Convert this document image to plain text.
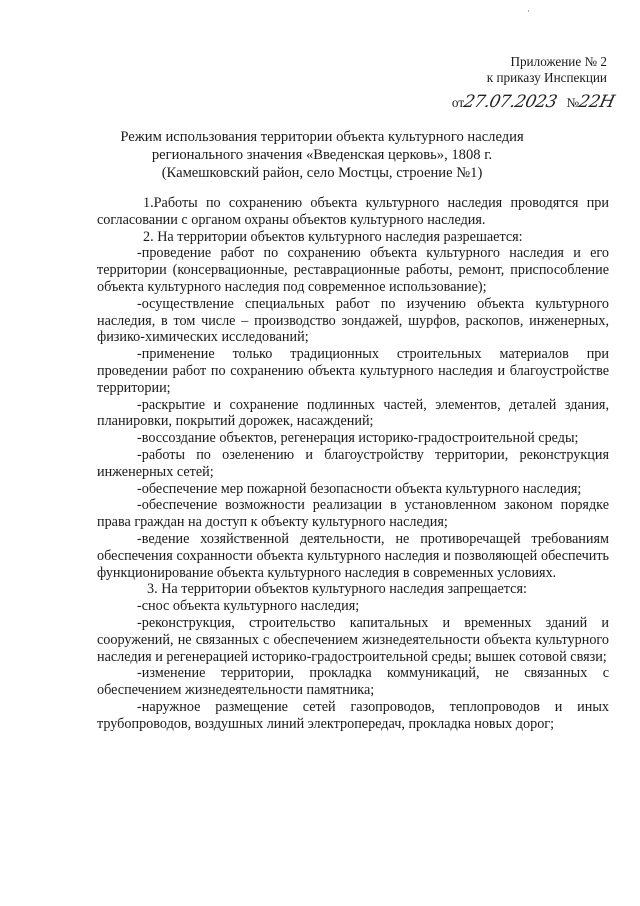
·
Приложение № 2
к приказу Инспекции
от
27.07.2023 №
22Н
Режим использования территории объекта культурного наследия
регионального значения «Введенская церковь», 1808 г.
(Камешковский район, село Мостцы, строение №1)

1.Работы по сохранению объекта культурного наследия проводятся при согласовании с органом охраны объектов культурного наследия.

2. На территории объектов культурного наследия разрешается:

-проведение работ по сохранению объекта культурного наследия и его территории (консервационные, реставрационные работы, ремонт, приспособление объекта культурного наследия под современное использование);

-осуществление специальных работ по изучению объекта культурного наследия, в том числе – производство зондажей, шурфов, раскопов, инженерных, физико-химических исследований;

-применение только традиционных строительных материалов при проведении работ по сохранению объекта культурного наследия и благоустройстве территории;

-раскрытие и сохранение подлинных частей, элементов, деталей здания, планировки, покрытий дорожек, насаждений;

-воссоздание объектов, регенерация историко-градостроительной среды;

-работы по озеленению и благоустройству территории, реконструкция инженерных сетей;

-обеспечение мер пожарной безопасности объекта культурного наследия;

-обеспечение возможности реализации в установленном законом порядке права граждан на доступ к объекту культурного наследия;

-ведение хозяйственной деятельности, не противоречащей требованиям обеспечения сохранности объекта культурного наследия и позволяющей обеспечить функционирование объекта культурного наследия в современных условиях.

3. На территории объектов культурного наследия запрещается:

-снос объекта культурного наследия;

-реконструкция, строительство капитальных и временных зданий и сооружений, не связанных с обеспечением жизнедеятельности объекта культурного наследия и регенерацией историко-градостроительной среды; вышек сотовой связи;

-изменение территории, прокладка коммуникаций, не связанных с обеспечением жизнедеятельности памятника;

-наружное размещение сетей газопроводов, теплопроводов и иных трубопроводов, воздушных линий электропередач, прокладка новых дорог;
